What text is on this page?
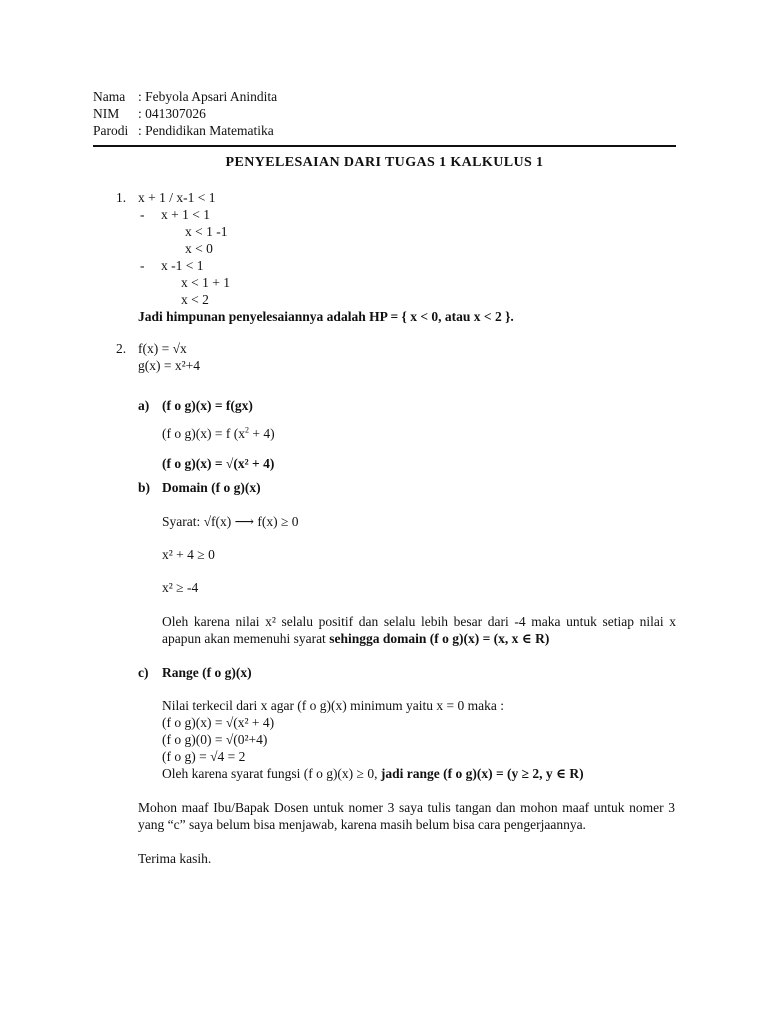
Nama : Febyola Apsari Anindita
NIM : 041307026
Parodi : Pendidikan Matematika
PENYELESAIAN DARI TUGAS 1 KALKULUS 1
1. x + 1 / x-1 < 1
- x + 1 < 1
x < 1 -1
x < 0
- x -1 < 1
x < 1 + 1
x < 2
Jadi himpunan penyelesaiannya adalah HP = { x < 0, atau x < 2 }.
2. f(x) = √x
g(x) = x²+4
a) (f o g)(x) = f(gx)
(f o g)(x) = f $(x^2 + 4)$
(f o g)(x) = √(x² + 4)
b) Domain (f o g)(x)
Syarat: √f(x) ⟶ f(x) ≥ 0
x² + 4 ≥ 0
x² ≥ -4
Oleh karena nilai x² selalu positif dan selalu lebih besar dari -4 maka untuk setiap nilai x apapun akan memenuhi syarat sehingga domain (f o g)(x) = (x, x ∈ R)
c) Range (f o g)(x)
Nilai terkecil dari x agar (f o g)(x) minimum yaitu x = 0 maka :
(f o g)(x) = √(x² + 4)
(f o g)(0) = √(0²+4)
(f o g) = √4 = 2
Oleh karena syarat fungsi (f o g)(x) ≥ 0, jadi range (f o g)(x) = (y ≥ 2, y ∈ R)
Mohon maaf Ibu/Bapak Dosen untuk nomer 3 saya tulis tangan dan mohon maaf untuk nomer 3 yang “c” saya belum bisa menjawab, karena masih belum bisa cara pengerjaannya.
Terima kasih.
